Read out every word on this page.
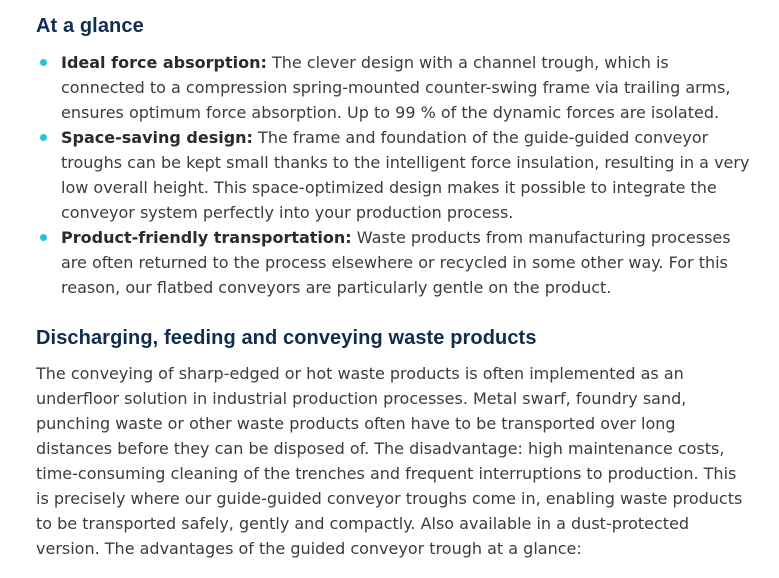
At a glance
Ideal force absorption: The clever design with a channel trough, which is connected to a compression spring-mounted counter-swing frame via trailing arms, ensures optimum force absorption. Up to 99 % of the dynamic forces are isolated.
Space-saving design: The frame and foundation of the guide-guided conveyor troughs can be kept small thanks to the intelligent force insulation, resulting in a very low overall height. This space-optimized design makes it possible to integrate the conveyor system perfectly into your production process.
Product-friendly transportation: Waste products from manufacturing processes are often returned to the process elsewhere or recycled in some other way. For this reason, our flatbed conveyors are particularly gentle on the product.
Discharging, feeding and conveying waste products

The conveying of sharp-edged or hot waste products is often implemented as an underfloor solution in industrial production processes. Metal swarf, foundry sand, punching waste or other waste products often have to be transported over long distances before they can be disposed of. The disadvantage: high maintenance costs, time-consuming cleaning of the trenches and frequent interruptions to production. This is precisely where our guide-guided conveyor troughs come in, enabling waste products to be transported safely, gently and compactly. Also available in a dust-protected version. The advantages of the guided conveyor trough at a glance:
